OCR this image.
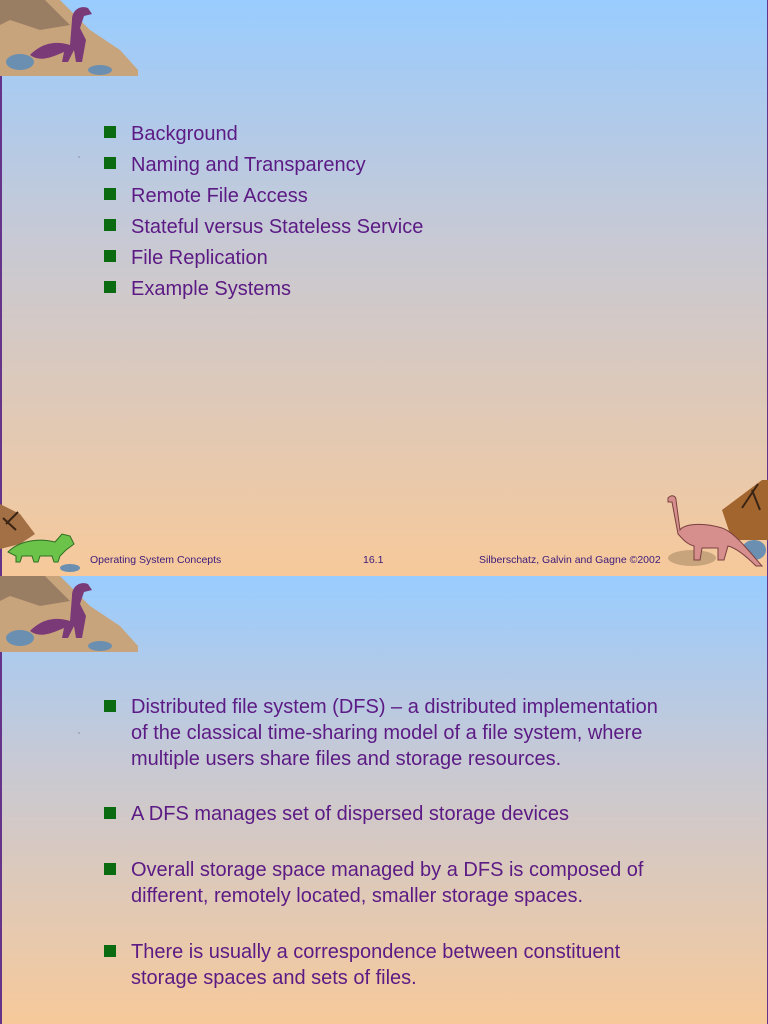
Background
Naming and Transparency
Remote File Access
Stateful versus Stateless Service
File Replication
Example Systems
Operating System Concepts	16.1	Silberschatz, Galvin and Gagne ©2002
Distributed file system (DFS) – a distributed implementation of the classical time-sharing model of a file system, where multiple users share files and storage resources.
A DFS manages set of dispersed storage devices
Overall storage space managed by a DFS is composed of different, remotely located, smaller storage spaces.
There is usually a correspondence between constituent storage spaces and sets of files.
